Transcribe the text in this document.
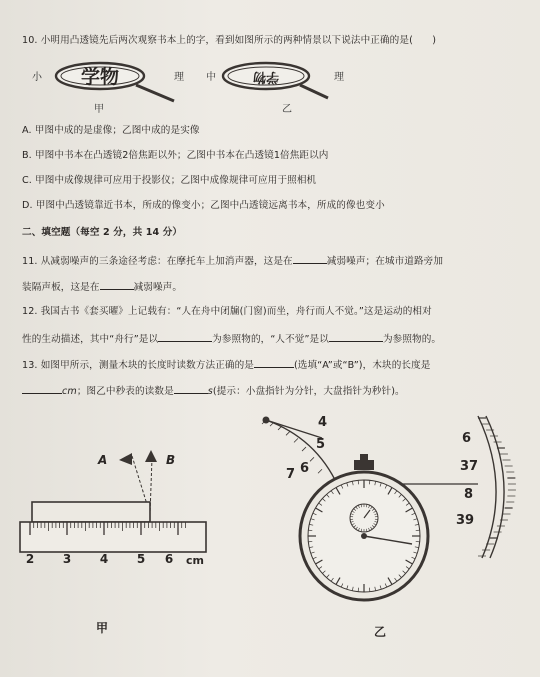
10. 小明用凸透镜先后两次观察书本上的字，看到如图所示的两种情景以下说法中正确的是(　　)
小 学物	理
甲
中	学物	理
乙
A. 甲图中成的是虚像；乙图中成的是实像
B. 甲图中书本在凸透镜2倍焦距以外；乙图中书本在凸透镜1倍焦距以内
C. 甲图中成像规律可应用于投影仪；乙图中成像规律可应用于照相机
D. 甲图中凸透镜靠近书本，所成的像变小；乙图中凸透镜远离书本，所成的像也变小
二、填空题（每空 2 分，共 14 分）
11. 从减弱噪声的三条途径考虑：在摩托车上加消声器，这是在	减弱噪声；在城市道路旁加
装隔声板，这是在	减弱噪声。
12. 我国古书《套买曜》上记载有：“人在舟中闭牖(门窗)而坐，舟行而人不觉。”这是运动的相对
性的生动描述，其中“舟行”是以	为参照物的，“人不觉”是以	为参照物的。
13. 如图甲所示，测量木块的长度时读数方法正确的是	(选填“A”或“B”)，木块的长度是
cm；图乙中秒表的读数是	s(提示：小盘指针为分针，大盘指针为秒针)。
A	B
2 3 4 5 6 cm
甲
4
5
6
7
6
37
8
39
乙
